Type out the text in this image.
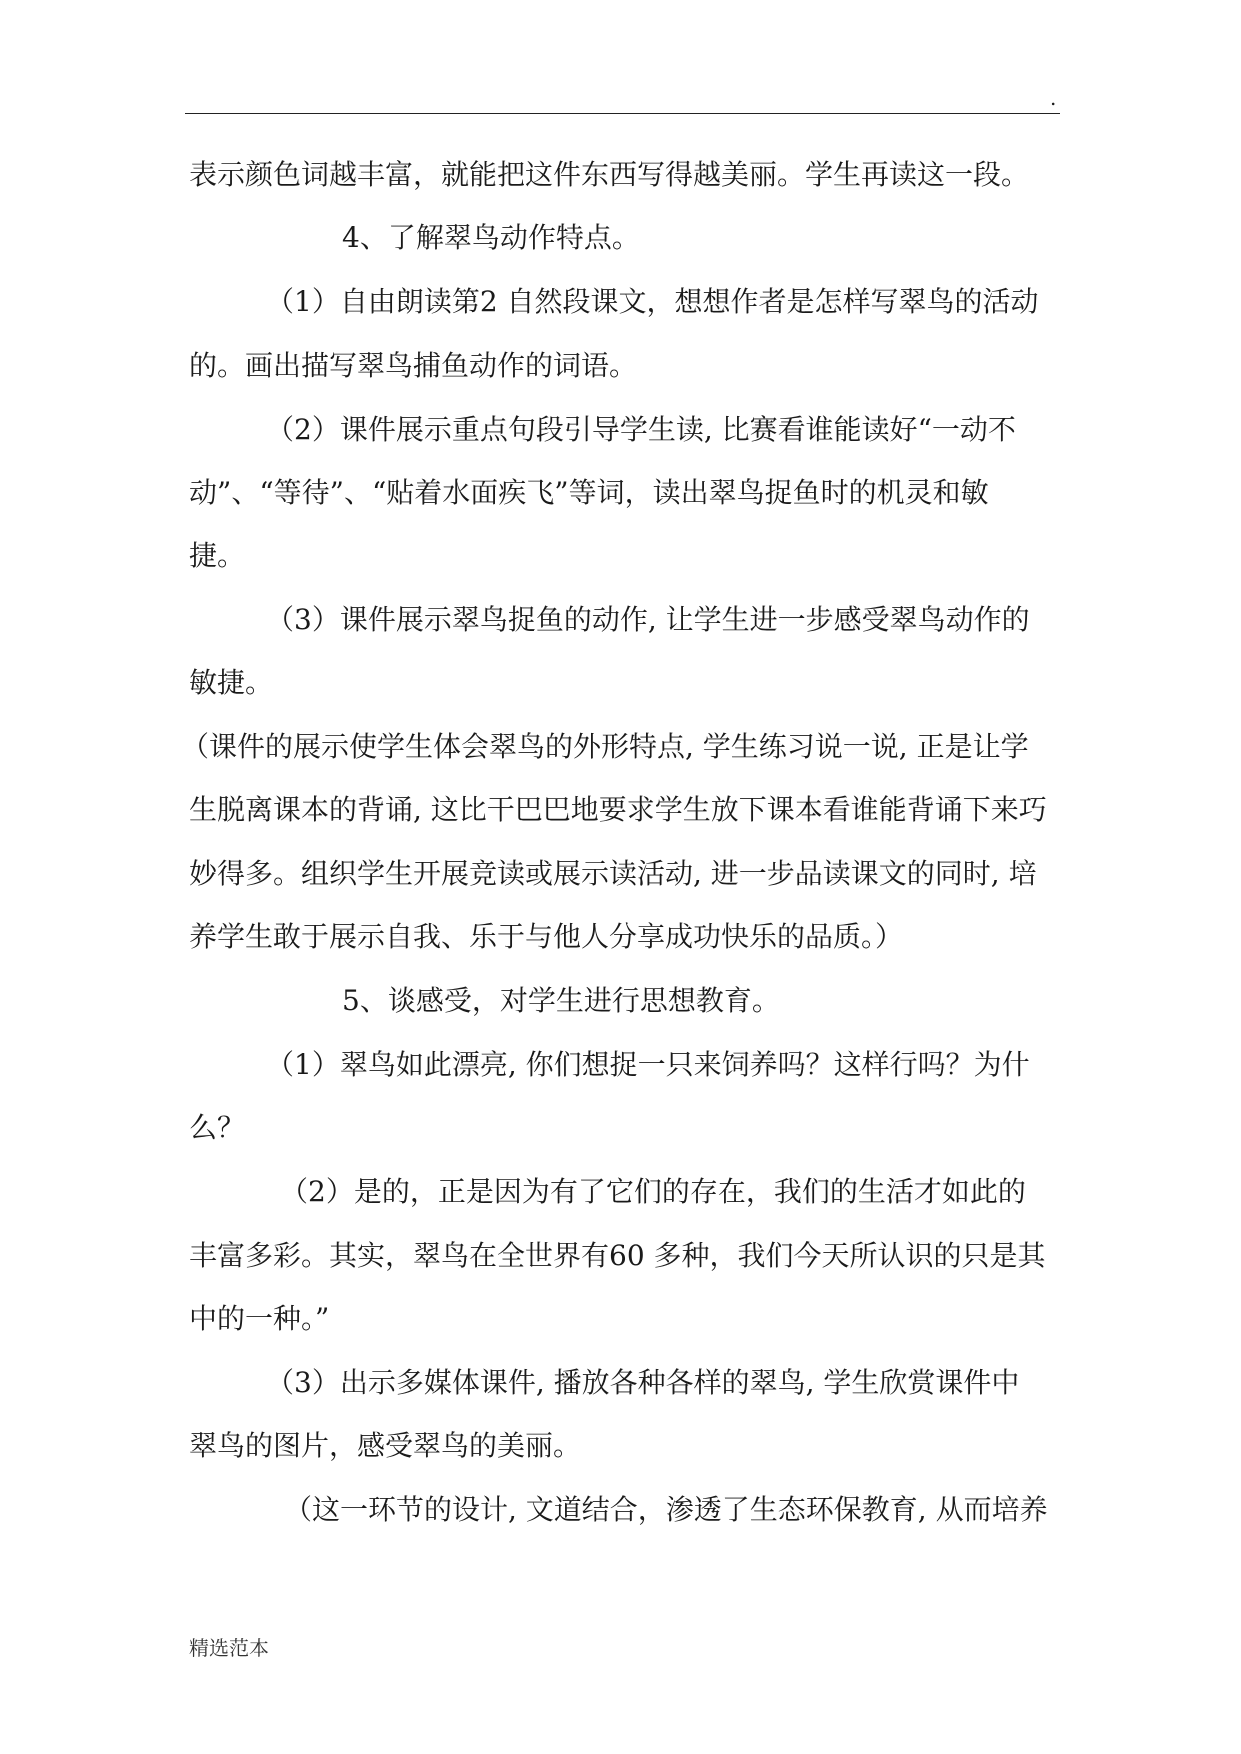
.
表示颜色词越丰富，就能把这件东西写得越美丽。学生再读这一段。
4、了解翠鸟动作特点。
（1）自由朗读第2 自然段课文，想想作者是怎样写翠鸟的活动
的。画出描写翠鸟捕鱼动作的词语。
（2）课件展示重点句段引导学生读, 比赛看谁能读好“一动不
动”、“等待”、“贴着水面疾飞”等词，读出翠鸟捉鱼时的机灵和敏
捷。
（3）课件展示翠鸟捉鱼的动作, 让学生进一步感受翠鸟动作的
敏捷。
（课件的展示使学生体会翠鸟的外形特点, 学生练习说一说, 正是让学
生脱离课本的背诵, 这比干巴巴地要求学生放下课本看谁能背诵下来巧
妙得多。组织学生开展竞读或展示读活动, 进一步品读课文的同时, 培
养学生敢于展示自我、乐于与他人分享成功快乐的品质。）
5、谈感受，对学生进行思想教育。
（1）翠鸟如此漂亮, 你们想捉一只来饲养吗？这样行吗？为什
么？
（2）是的，正是因为有了它们的存在，我们的生活才如此的
丰富多彩。其实，翠鸟在全世界有60 多种，我们今天所认识的只是其
中的一种。”
（3）出示多媒体课件, 播放各种各样的翠鸟, 学生欣赏课件中
翠鸟的图片，感受翠鸟的美丽。
（这一环节的设计, 文道结合，渗透了生态环保教育, 从而培养
精选范本
